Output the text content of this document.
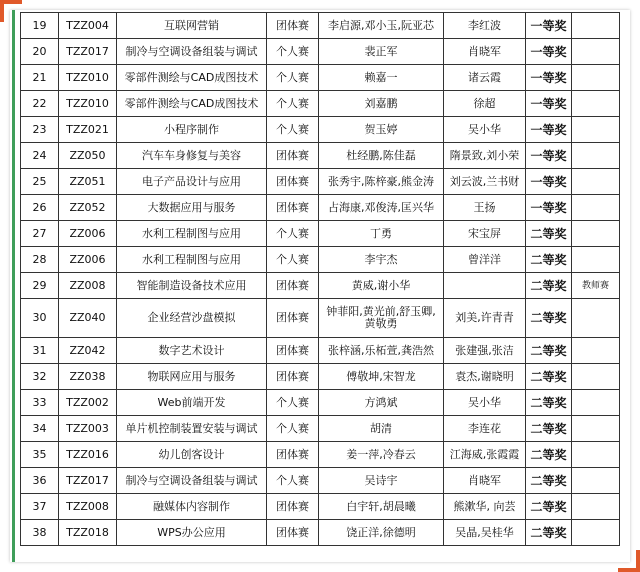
19	TZZ004	互联网营销	团体赛	李启源,邓小玉,阮亚芯	李红波	一等奖	
20	TZZ017	制冷与空调设备组装与调试	个人赛	裴正军	肖晓军	一等奖	
21	TZZ010	零部件测绘与CAD成图技术	个人赛	赖嘉一	诸云霞	一等奖	
22	TZZ010	零部件测绘与CAD成图技术	个人赛	刘嘉鹏	徐超	一等奖	
23	TZZ021	小程序制作	个人赛	贺玉婷	吴小华	一等奖	
24	ZZ050	汽车车身修复与美容	团体赛	杜经鹏,陈佳磊	隋景致,刘小荣	一等奖	
25	ZZ051	电子产品设计与应用	团体赛	张秀宇,陈梓豪,熊金涛	刘云波,兰书财	一等奖	
26	ZZ052	大数据应用与服务	团体赛	占海康,邓俊涛,匡兴华	王扬	一等奖	
27	ZZ006	水利工程制图与应用	个人赛	丁勇	宋宝屏	二等奖	
28	ZZ006	水利工程制图与应用	个人赛	李宇杰	曾洋洋	二等奖	
29	ZZ008	智能制造设备技术应用	团体赛	黄威,谢小华		二等奖	教师赛
30	ZZ040	企业经营沙盘模拟	团体赛	钟菲阳,黄光前,舒玉卿,黄敬勇	刘美,许青青	二等奖	
31	ZZ042	数字艺术设计	团体赛	张梓涵,乐柘萱,龚浩然	张建强,张洁	二等奖	
32	ZZ038	物联网应用与服务	团体赛	傅敬坤,宋智龙	袁杰,谢晓明	二等奖	
33	TZZ002	Web前端开发	个人赛	方鸿斌	吴小华	二等奖	
34	TZZ003	单片机控制装置安装与调试	个人赛	胡清	李连花	二等奖	
35	TZZ016	幼儿创客设计	团体赛	姜一萍,冷春云	江海威,张霞霞	二等奖	
36	TZZ017	制冷与空调设备组装与调试	个人赛	吴诗宇	肖晓军	二等奖	
37	TZZ008	融媒体内容制作	团体赛	白宇轩,胡晨曦	熊漱华, 向芸	二等奖	
38	TZZ018	WPS办公应用	团体赛	饶正洋,徐德明	吴晶,吴桂华	二等奖	
